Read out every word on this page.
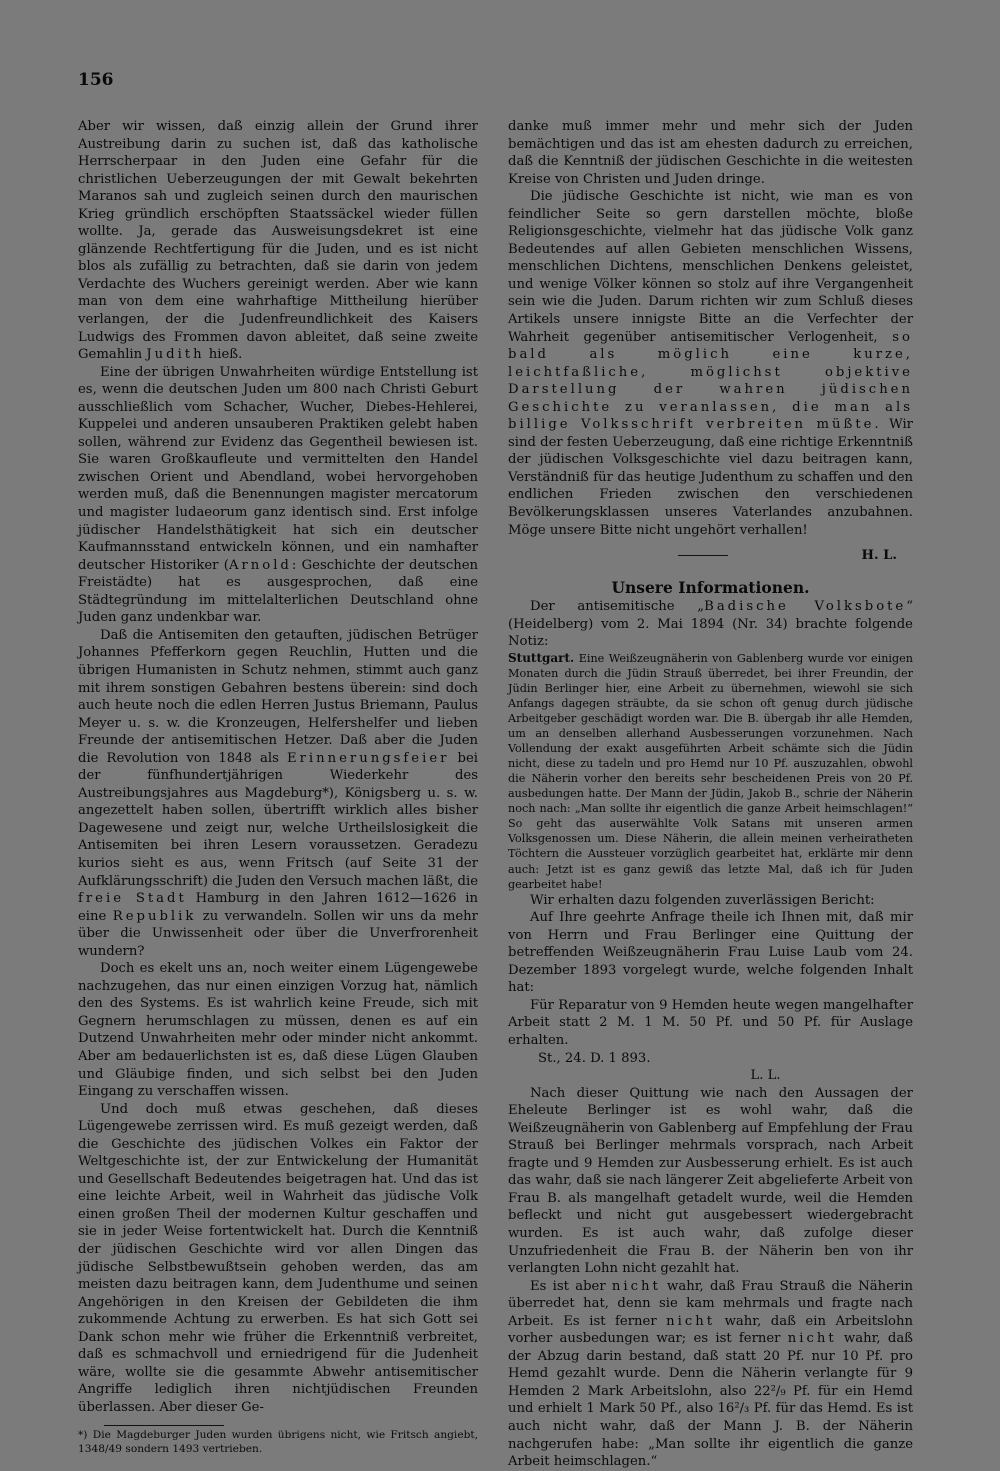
156

Aber wir wissen, daß einzig allein der Grund ihrer Austreibung darin zu suchen ist, daß das katholische Herrscherpaar in den Juden eine Gefahr für die christlichen Ueberzeugungen der mit Gewalt bekehrten Maranos sah und zugleich seinen durch den maurischen Krieg gründlich erschöpften Staatssäckel wieder füllen wollte. Ja, gerade das Ausweisungsdekret ist eine glänzende Rechtfertigung für die Juden, und es ist nicht blos als zufällig zu betrachten, daß sie darin von jedem Verdachte des Wuchers gereinigt werden. Aber wie kann man von dem eine wahrhaftige Mittheilung hierüber verlangen, der die Judenfreundlichkeit des Kaisers Ludwigs des Frommen davon ableitet, daß seine zweite Gemahlin Judith hieß.

Eine der übrigen Unwahrheiten würdige Entstellung ist es, wenn die deutschen Juden um 800 nach Christi Geburt ausschließlich vom Schacher, Wucher, Diebes-Hehlerei, Kuppelei und anderen unsauberen Praktiken gelebt haben sollen, während zur Evidenz das Gegentheil bewiesen ist. Sie waren Großkaufleute und vermittelten den Handel zwischen Orient und Abendland, wobei hervorgehoben werden muß, daß die Benennungen magister mercatorum und magister ludaeorum ganz identisch sind. Erst infolge jüdischer Handelsthätigkeit hat sich ein deutscher Kaufmannsstand entwickeln können, und ein namhafter deutscher Historiker (Arnold: Geschichte der deutschen Freistädte) hat es ausgesprochen, daß eine Städtegründung im mittelalterlichen Deutschland ohne Juden ganz undenkbar war.

Daß die Antisemiten den getauften, jüdischen Betrüger Johannes Pfefferkorn gegen Reuchlin, Hutten und die übrigen Humanisten in Schutz nehmen, stimmt auch ganz mit ihrem sonstigen Gebahren bestens überein: sind doch auch heute noch die edlen Herren Justus Briemann, Paulus Meyer u. s. w. die Kronzeugen, Helfershelfer und lieben Freunde der antisemitischen Hetzer. Daß aber die Juden die Revolution von 1848 als Erinnerungsfeier bei der fünfhundertjährigen Wiederkehr des Austreibungsjahres aus Magdeburg*), Königsberg u. s. w. angezettelt haben sollen, übertrifft wirklich alles bisher Dagewesene und zeigt nur, welche Urtheilslosigkeit die Antisemiten bei ihren Lesern voraussetzen. Geradezu kurios sieht es aus, wenn Fritsch (auf Seite 31 der Aufklärungsschrift) die Juden den Versuch machen läßt, die freie Stadt Hamburg in den Jahren 1612—1626 in eine Republik zu verwandeln. Sollen wir uns da mehr über die Unwissenheit oder über die Unverfrorenheit wundern?

Doch es ekelt uns an, noch weiter einem Lügengewebe nachzugehen, das nur einen einzigen Vorzug hat, nämlich den des Systems. Es ist wahrlich keine Freude, sich mit Gegnern herumschlagen zu müssen, denen es auf ein Dutzend Unwahrheiten mehr oder minder nicht ankommt. Aber am bedauerlichsten ist es, daß diese Lügen Glauben und Gläubige finden, und sich selbst bei den Juden Eingang zu verschaffen wissen.

Und doch muß etwas geschehen, daß dieses Lügengewebe zerrissen wird. Es muß gezeigt werden, daß die Geschichte des jüdischen Volkes ein Faktor der Weltgeschichte ist, der zur Entwickelung der Humanität und Gesellschaft Bedeutendes beigetragen hat. Und das ist eine leichte Arbeit, weil in Wahrheit das jüdische Volk einen großen Theil der modernen Kultur geschaffen und sie in jeder Weise fortentwickelt hat. Durch die Kenntniß der jüdischen Geschichte wird vor allen Dingen das jüdische Selbstbewußtsein gehoben werden, das am meisten dazu beitragen kann, dem Judenthume und seinen Angehörigen in den Kreisen der Gebildeten die ihm zukommende Achtung zu erwerben. Es hat sich Gott sei Dank schon mehr wie früher die Erkenntniß verbreitet, daß es schmachvoll und erniedrigend für die Judenheit wäre, wollte sie die gesammte Abwehr antisemitischer Angriffe lediglich ihren nichtjüdischen Freunden überlassen. Aber dieser Ge-

*) Die Magdeburger Juden wurden übrigens nicht, wie Fritsch angiebt, 1348/49 sondern 1493 vertrieben.

danke muß immer mehr und mehr sich der Juden bemächtigen und das ist am ehesten dadurch zu erreichen, daß die Kenntniß der jüdischen Geschichte in die weitesten Kreise von Christen und Juden dringe.

Die jüdische Geschichte ist nicht, wie man es von feindlicher Seite so gern darstellen möchte, bloße Religionsgeschichte, vielmehr hat das jüdische Volk ganz Bedeutendes auf allen Gebieten menschlichen Wissens, menschlichen Dichtens, menschlichen Denkens geleistet, und wenige Völker können so stolz auf ihre Vergangenheit sein wie die Juden. Darum richten wir zum Schluß dieses Artikels unsere innigste Bitte an die Verfechter der Wahrheit gegenüber antisemitischer Verlogenheit, so bald als möglich eine kurze, leichtfaßliche, möglichst objektive Darstellung der wahren jüdischen Geschichte zu veranlassen, die man als billige Volksschrift verbreiten müßte. Wir sind der festen Ueberzeugung, daß eine richtige Erkenntniß der jüdischen Volksgeschichte viel dazu beitragen kann, Verständniß für das heutige Judenthum zu schaffen und den endlichen Frieden zwischen den verschiedenen Bevölkerungsklassen unseres Vaterlandes anzubahnen. Möge unsere Bitte nicht ungehört verhallen!

H. L.
Unsere Informationen.

Der antisemitische „Badische Volksbote“ (Heidelberg) vom 2. Mai 1894 (Nr. 34) brachte folgende Notiz:

Stuttgart. Eine Weißzeugnäherin von Gablenberg wurde vor einigen Monaten durch die Jüdin Strauß überredet, bei ihrer Freundin, der Jüdin Berlinger hier, eine Arbeit zu übernehmen, wiewohl sie sich Anfangs dagegen sträubte, da sie schon oft genug durch jüdische Arbeitgeber geschädigt worden war. Die B. übergab ihr alle Hemden, um an denselben allerhand Ausbesserungen vorzunehmen. Nach Vollendung der exakt ausgeführten Arbeit schämte sich die Jüdin nicht, diese zu tadeln und pro Hemd nur 10 Pf. auszuzahlen, obwohl die Näherin vorher den bereits sehr bescheidenen Preis von 20 Pf. ausbedungen hatte. Der Mann der Jüdin, Jakob B., schrie der Näherin noch nach: „Man sollte ihr eigentlich die ganze Arbeit heimschlagen!“ So geht das auserwählte Volk Satans mit unseren armen Volksgenossen um. Diese Näherin, die allein meinen verheiratheten Töchtern die Aussteuer vorzüglich gearbeitet hat, erklärte mir denn auch: Jetzt ist es ganz gewiß das letzte Mal, daß ich für Juden gearbeitet habe!

Wir erhalten dazu folgenden zuverlässigen Bericht:

Auf Ihre geehrte Anfrage theile ich Ihnen mit, daß mir von Herrn und Frau Berlinger eine Quittung der betreffenden Weißzeugnäherin Frau Luise Laub vom 24. Dezember 1893 vorgelegt wurde, welche folgenden Inhalt hat:

Für Reparatur von 9 Hemden heute wegen mangelhafter Arbeit statt 2 M. 1 M. 50 Pf. und 50 Pf. für Auslage erhalten.

St., 24. D. 1 893.

L. L.

Nach dieser Quittung wie nach den Aussagen der Eheleute Berlinger ist es wohl wahr, daß die Weißzeugnäherin von Gablenberg auf Empfehlung der Frau Strauß bei Berlinger mehrmals vorsprach, nach Arbeit fragte und 9 Hemden zur Ausbesserung erhielt. Es ist auch das wahr, daß sie nach längerer Zeit abgelieferte Arbeit von Frau B. als mangelhaft getadelt wurde, weil die Hemden befleckt und nicht gut ausgebessert wiedergebracht wurden. Es ist auch wahr, daß zufolge dieser Unzufriedenheit die Frau B. der Näherin ben von ihr verlangten Lohn nicht gezahlt hat.

Es ist aber nicht wahr, daß Frau Strauß die Näherin überredet hat, denn sie kam mehrmals und fragte nach Arbeit. Es ist ferner nicht wahr, daß ein Arbeitslohn vorher ausbedungen war; es ist ferner nicht wahr, daß der Abzug darin bestand, daß statt 20 Pf. nur 10 Pf. pro Hemd gezahlt wurde. Denn die Näherin verlangte für 9 Hemden 2 Mark Arbeitslohn, also 22²/₉ Pf. für ein Hemd und erhielt 1 Mark 50 Pf., also 16²/₃ Pf. für das Hemd. Es ist auch nicht wahr, daß der Mann J. B. der Näherin nachgerufen habe: „Man sollte ihr eigentlich die ganze Arbeit heimschlagen.“
